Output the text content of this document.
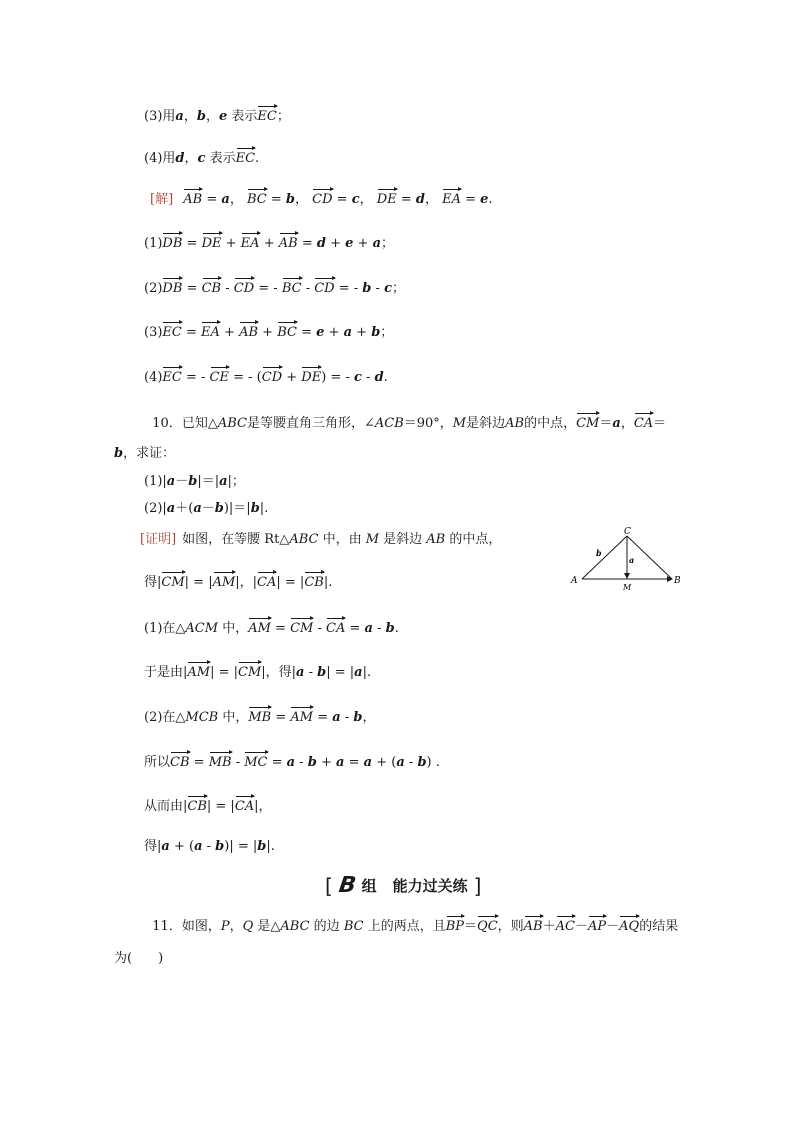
(3)用a，b，e 表示EC；
(4)用d，c 表示EC.
[解] AB = a， BC = b， CD = c， DE = d， EA = e.
(1)DB = DE + EA + AB = d + e + a；
(2)DB = CB - CD = - BC - CD = - b - c；
(3)EC = EA + AB + BC = e + a + b；
(4)EC = - CE = - (CD + DE) = - c - d.
10．已知△ABC是等腰直角三角形，∠ACB＝90°，M是斜边AB的中点，CM＝a，CA＝
b，求证：
(1)|a－b|＝|a|；
(2)|a＋(a－b)|＝|b|.
[证明] 如图，在等腰 Rt△ABC 中，由 M 是斜边 AB 的中点，
得|CM| = |AM|，|CA| = |CB|.
(1)在△ACM 中，AM = CM - CA = a - b.
于是由|AM| = |CM|，得|a - b| = |a|.
(2)在△MCB 中，MB = AM = a - b，
所以CB = MB - MC = a - b + a = a + (a - b) .
从而由|CB| = |CA|，
得|a + (a - b)| = |b|.
C
A	B
M
b
a
[ B 组 能力过关练 ]
11．如图，P，Q 是△ABC 的边 BC 上的两点，且BP＝QC，则AB＋AC－AP－AQ的结果
为(　　)
